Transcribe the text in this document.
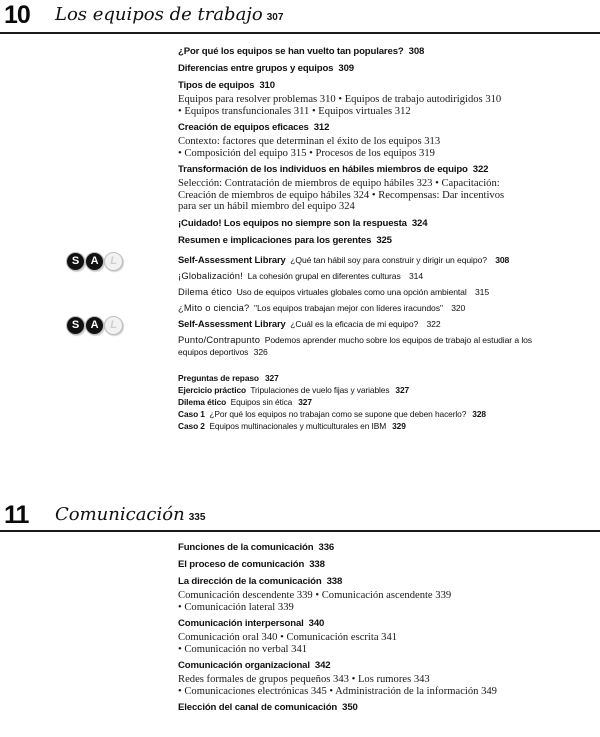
10 Los equipos de trabajo 307
¿Por qué los equipos se han vuelto tan populares? 308
Diferencias entre grupos y equipos 309
Tipos de equipos 310
Equipos para resolver problemas 310 • Equipos de trabajo autodirigidos 310
• Equipos transfuncionales 311 • Equipos virtuales 312
Creación de equipos eficaces 312
Contexto: factores que determinan el éxito de los equipos 313
• Composición del equipo 315 • Procesos de los equipos 319
Transformación de los individuos en hábiles miembros de equipo 322
Selección: Contratación de miembros de equipo hábiles 323 • Capacitación:
Creación de miembros de equipo hábiles 324 • Recompensas: Dar incentivos
para ser un hábil miembro del equipo 324
¡Cuidado! Los equipos no siempre son la respuesta 324
Resumen e implicaciones para los gerentes 325
S	A	L	Self-Assessment Library ¿Qué tan hábil soy para construir y dirigir un equipo? 308
¡Globalización! La cohesión grupal en diferentes culturas 314
Dilema ético Uso de equipos virtuales globales como una opción ambiental 315
¿Mito o ciencia? "Los equipos trabajan mejor con líderes iracundos" 320
S	A	L	Self-Assessment Library ¿Cuál es la eficacia de mi equipo? 322
Punto/Contrapunto Podemos aprender mucho sobre los equipos de trabajo al estudiar a los
equipos deportivos 326
Preguntas de repaso 327
Ejercicio práctico Tripulaciones de vuelo fijas y variables 327
Dilema ético Equipos sin ética 327
Caso 1 ¿Por qué los equipos no trabajan como se supone que deben hacerlo? 328
Caso 2 Equipos multinacionales y multiculturales en IBM 329
11 Comunicación 335
Funciones de la comunicación 336
El proceso de comunicación 338
La dirección de la comunicación 338
Comunicación descendente 339 • Comunicación ascendente 339
• Comunicación lateral 339
Comunicación interpersonal 340
Comunicación oral 340 • Comunicación escrita 341
• Comunicación no verbal 341
Comunicación organizacional 342
Redes formales de grupos pequeños 343 • Los rumores 343
• Comunicaciones electrónicas 345 • Administración de la información 349
Elección del canal de comunicación 350
